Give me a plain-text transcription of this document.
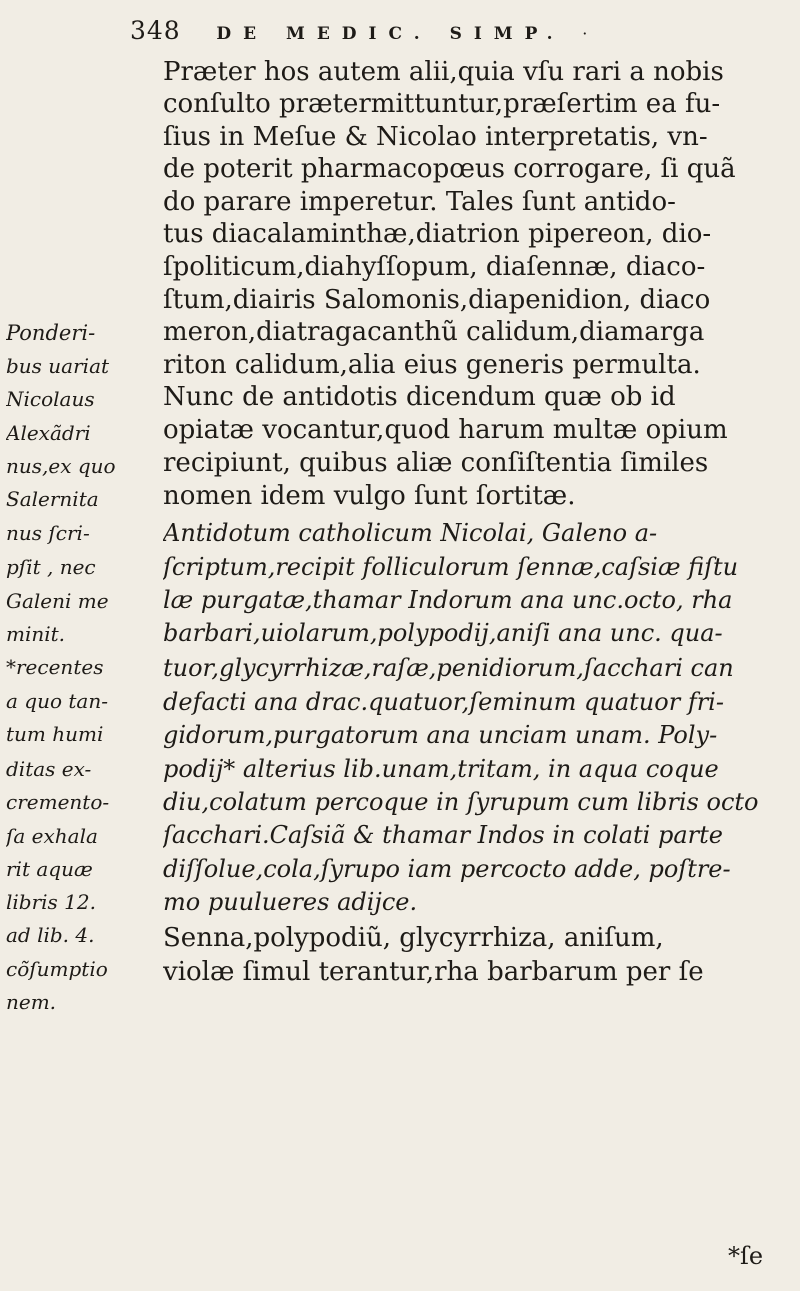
348 DE MEDIC. SIMP. ·
Præter hos autem alii,quia vſu rari a nobis
conſulto prætermittuntur,præſertim ea fu-
ſius in Meſue & Nicolao interpretatis, vn-
de poterit pharmacopœus corrogare, ſi quã
do parare imperetur. Tales ſunt antido-
tus diacalaminthæ,diatrion pipereon, dio-
ſpoliticum,diahyſſopum, diaſennæ, diaco-
ſtum,diairis Salomonis,diapenidion, diaco
meron,diatragacanthũ calidum,diamarga
riton calidum,alia eius generis permulta.
Nunc de antidotis dicendum quæ ob id
opiatæ vocantur,quod harum multæ opium
recipiunt, quibus aliæ conſiſtentia ſimiles
nomen idem vulgo ſunt ſortitæ.
Antidotum catholicum Nicolai, Galeno a-
ſcriptum,recipit folliculorum ſennæ,caſsiæ fiſtu
læ purgatæ,thamar Indorum ana unc.octo, rha
barbari,uiolarum,polypodij,aniſi ana unc. qua-
tuor,glycyrrhizæ,raſæ,penidiorum,ſacchari can
defacti ana drac.quatuor,ſeminum quatuor fri-
gidorum,purgatorum ana unciam unam. Poly-
podij* alterius lib.unam,tritam, in aqua coque
diu,colatum percoque in ſyrupum cum libris octo
ſacchari.Caſsiã & thamar Indos in colati parte
diſſolue,cola,ſyrupo iam percocto adde, poſtre-
mo puulueres adijce.
Senna,polypodiũ, glycyrrhiza, aniſum,
violæ ſimul terantur,rha barbarum per ſe
Ponderi-
bus uariat
Nicolaus
Alexãdri
nus,ex quo
Salernita
nus ſcri-
pſit , nec
Galeni me
minit.
*recentes
a quo tan-
tum humi
ditas ex-
cremento-
ſa exhala
rit aquæ
libris 12.
ad lib. 4.
cõſumptio
nem.
*ſe
